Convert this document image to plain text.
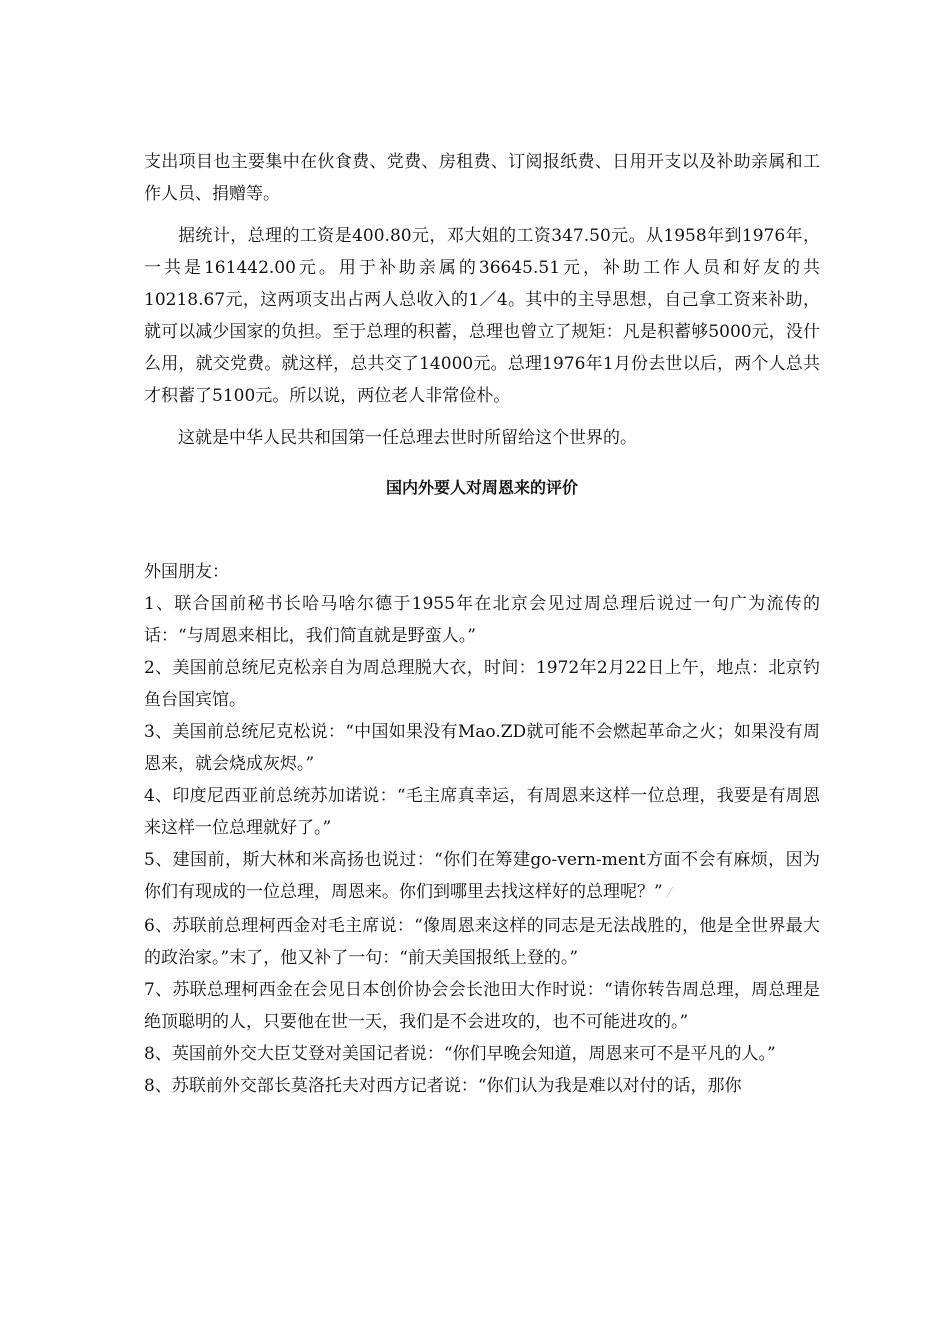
支出项目也主要集中在伙食费、党费、房租费、订阅报纸费、日用开支以及补助亲属和工作人员、捐赠等。

据统计，总理的工资是400.80元，邓大姐的工资347.50元。从1958年到1976年，一共是161442.00元。用于补助亲属的36645.51元，补助工作人员和好友的共10218.67元，这两项支出占两人总收入的1／4。其中的主导思想，自己拿工资来补助，就可以减少国家的负担。至于总理的积蓄，总理也曾立了规矩：凡是积蓄够5000元，没什么用，就交党费。就这样，总共交了14000元。总理1976年1月份去世以后，两个人总共才积蓄了5100元。所以说，两位老人非常俭朴。

这就是中华人民共和国第一任总理去世时所留给这个世界的。

国内外要人对周恩来的评价

外国朋友：

1、联合国前秘书长哈马啥尔德于1955年在北京会见过周总理后说过一句广为流传的话：“与周恩来相比，我们简直就是野蛮人。”
2、美国前总统尼克松亲自为周总理脱大衣，时间：1972年2月22日上午，地点：北京钓鱼台国宾馆。
3、美国前总统尼克松说：“中国如果没有Mao.ZD就可能不会燃起革命之火；如果没有周恩来，就会烧成灰烬。”
4、印度尼西亚前总统苏加诺说：“毛主席真幸运，有周恩来这样一位总理，我要是有周恩来这样一位总理就好了。”
5、建国前，斯大林和米高扬也说过：“你们在筹建go-vern-ment方面不会有麻烦，因为你们有现成的一位总理，周恩来。你们到哪里去找这样好的总理呢？” ⁄
6、苏联前总理柯西金对毛主席说：“像周恩来这样的同志是无法战胜的，他是全世界最大的政治家。”末了，他又补了一句：“前天美国报纸上登的。”
7、苏联总理柯西金在会见日本创价协会会长池田大作时说：“请你转告周总理，周总理是绝顶聪明的人，只要他在世一天，我们是不会进攻的，也不可能进攻的。”
8、英国前外交大臣艾登对美国记者说：“你们早晚会知道，周恩来可不是平凡的人。”
8、苏联前外交部长莫洛托夫对西方记者说：“你们认为我是难以对付的话，那你
